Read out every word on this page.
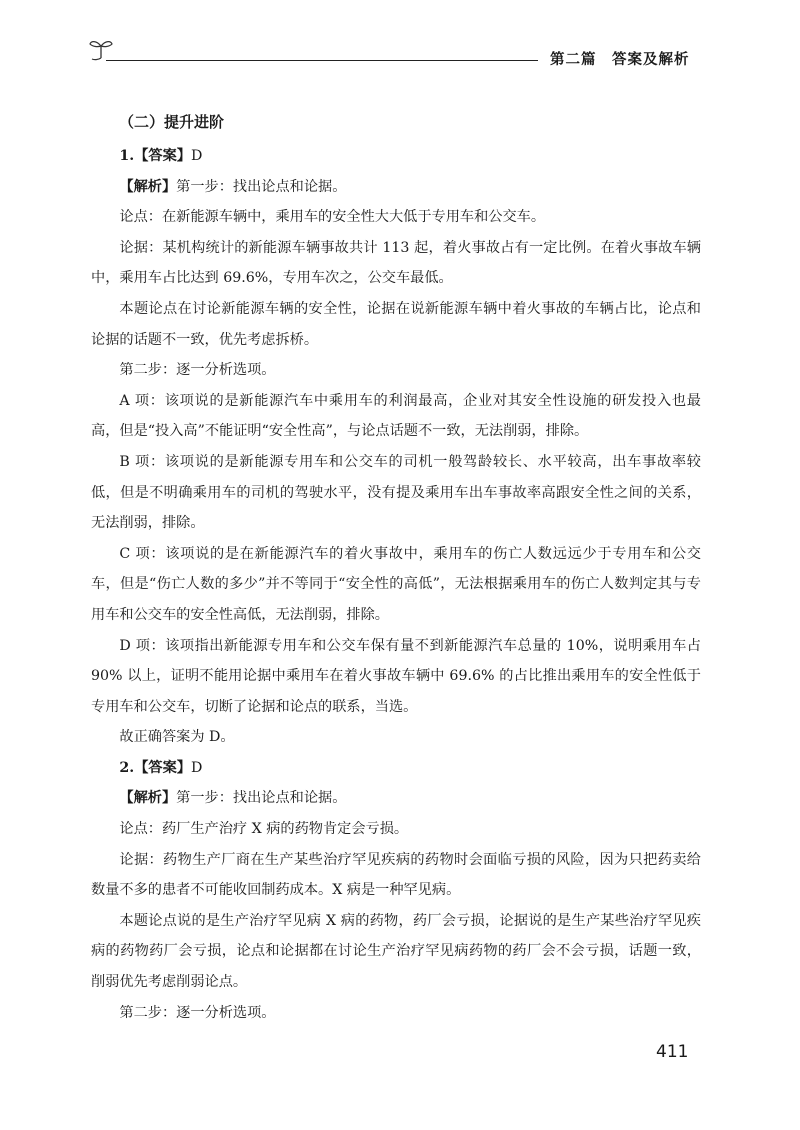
第二篇　答案及解析

（二）提升进阶

1.【答案】D

【解析】第一步：找出论点和论据。

论点：在新能源车辆中，乘用车的安全性大大低于专用车和公交车。

论据：某机构统计的新能源车辆事故共计 113 起，着火事故占有一定比例。在着火事故车辆中，乘用车占比达到 69.6%，专用车次之，公交车最低。

本题论点在讨论新能源车辆的安全性，论据在说新能源车辆中着火事故的车辆占比，论点和论据的话题不一致，优先考虑拆桥。

第二步：逐一分析选项。

A 项：该项说的是新能源汽车中乘用车的利润最高，企业对其安全性设施的研发投入也最高，但是“投入高”不能证明“安全性高”，与论点话题不一致，无法削弱，排除。

B 项：该项说的是新能源专用车和公交车的司机一般驾龄较长、水平较高，出车事故率较低，但是不明确乘用车的司机的驾驶水平，没有提及乘用车出车事故率高跟安全性之间的关系，无法削弱，排除。

C 项：该项说的是在新能源汽车的着火事故中，乘用车的伤亡人数远远少于专用车和公交车，但是“伤亡人数的多少”并不等同于“安全性的高低”，无法根据乘用车的伤亡人数判定其与专用车和公交车的安全性高低，无法削弱，排除。

D 项：该项指出新能源专用车和公交车保有量不到新能源汽车总量的 10%，说明乘用车占 90% 以上，证明不能用论据中乘用车在着火事故车辆中 69.6% 的占比推出乘用车的安全性低于专用车和公交车，切断了论据和论点的联系，当选。

故正确答案为 D。

2.【答案】D

【解析】第一步：找出论点和论据。

论点：药厂生产治疗 X 病的药物肯定会亏损。

论据：药物生产厂商在生产某些治疗罕见疾病的药物时会面临亏损的风险，因为只把药卖给数量不多的患者不可能收回制药成本。X 病是一种罕见病。

本题论点说的是生产治疗罕见病 X 病的药物，药厂会亏损，论据说的是生产某些治疗罕见疾病的药物药厂会亏损，论点和论据都在讨论生产治疗罕见病药物的药厂会不会亏损，话题一致，削弱优先考虑削弱论点。

第二步：逐一分析选项。

411
